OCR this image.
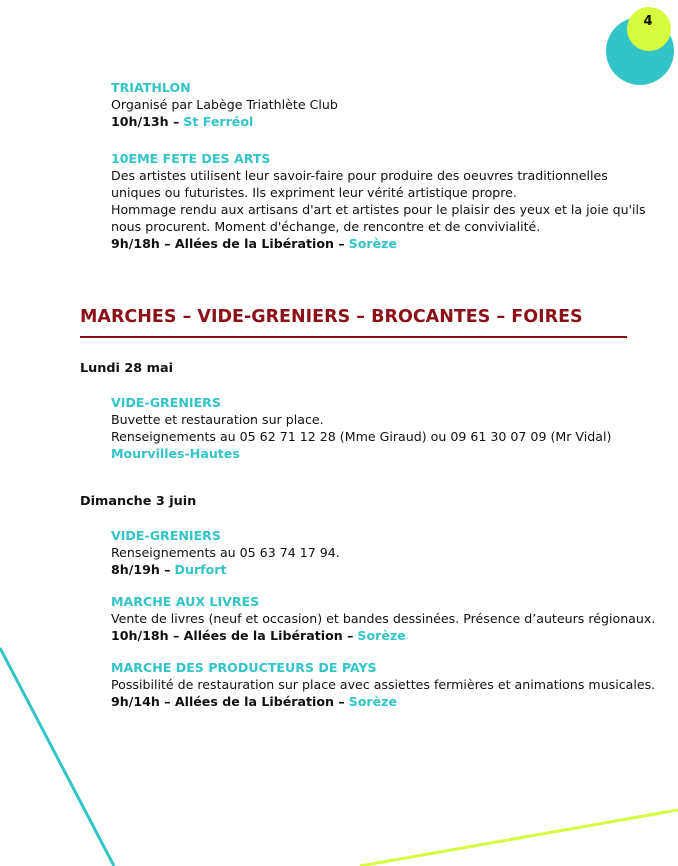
4
TRIATHLON
Organisé par Labège Triathlète Club
10h/13h – St Ferréol
10EME FETE DES ARTS
Des artistes utilisent leur savoir-faire pour produire des oeuvres traditionnelles
uniques ou futuristes. Ils expriment leur vérité artistique propre.
Hommage rendu aux artisans d'art et artistes pour le plaisir des yeux et la joie qu'ils
nous procurent. Moment d'échange, de rencontre et de convivialité.
9h/18h – Allées de la Libération – Sorèze
MARCHES – VIDE-GRENIERS – BROCANTES – FOIRES
Lundi 28 mai
VIDE-GRENIERS
Buvette et restauration sur place.
Renseignements au 05 62 71 12 28 (Mme Giraud) ou 09 61 30 07 09 (Mr Vidal)
Mourvilles-Hautes
Dimanche 3 juin
VIDE-GRENIERS
Renseignements au 05 63 74 17 94.
8h/19h – Durfort
MARCHE AUX LIVRES
Vente de livres (neuf et occasion) et bandes dessinées. Présence d’auteurs régionaux.
10h/18h – Allées de la Libération – Sorèze
MARCHE DES PRODUCTEURS DE PAYS
Possibilité de restauration sur place avec assiettes fermières et animations musicales.
9h/14h – Allées de la Libération – Sorèze
